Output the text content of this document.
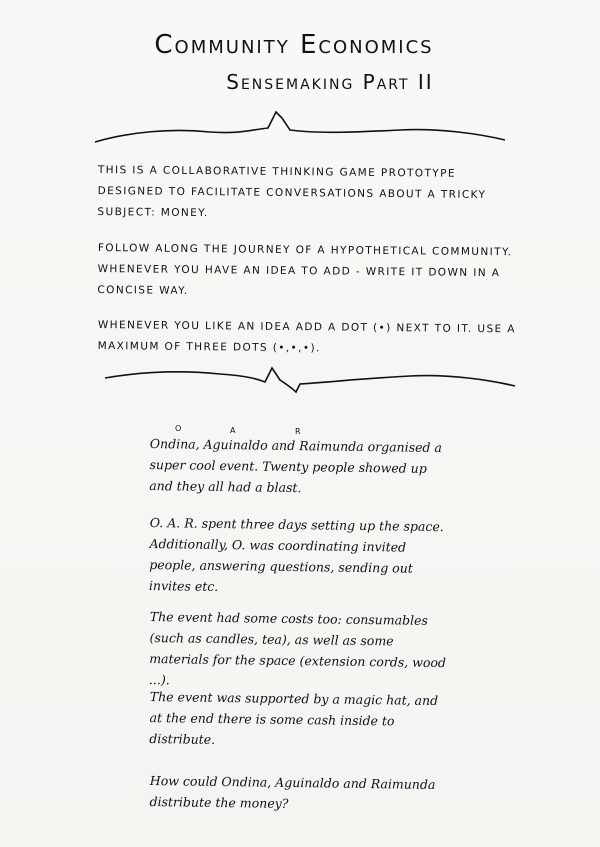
Community Economics
Sensemaking Part II
THIS IS A COLLABORATIVE THINKING GAME PROTOTYPE DESIGNED TO FACILITATE CONVERSATIONS ABOUT A TRICKY SUBJECT: MONEY.
FOLLOW ALONG THE JOURNEY OF A HYPOTHETICAL COMMUNITY. WHENEVER YOU HAVE AN IDEA TO ADD - WRITE IT DOWN IN A CONCISE WAY.
WHENEVER YOU LIKE AN IDEA ADD A DOT (•) NEXT TO IT. USE A MAXIMUM OF THREE DOTS (•,•,•).
O	A	R
Ondina, Aguinaldo and Raimunda organised a super cool event. Twenty people showed up and they all had a blast.
O. A. R. spent three days setting up the space. Additionally, O. was coordinating invited people, answering questions, sending out invites etc.
The event had some costs too: consumables (such as candles, tea), as well as some materials for the space (extension cords, wood ...).
The event was supported by a magic hat, and at the end there is some cash inside to distribute.
How could Ondina, Aguinaldo and Raimunda distribute the money?
